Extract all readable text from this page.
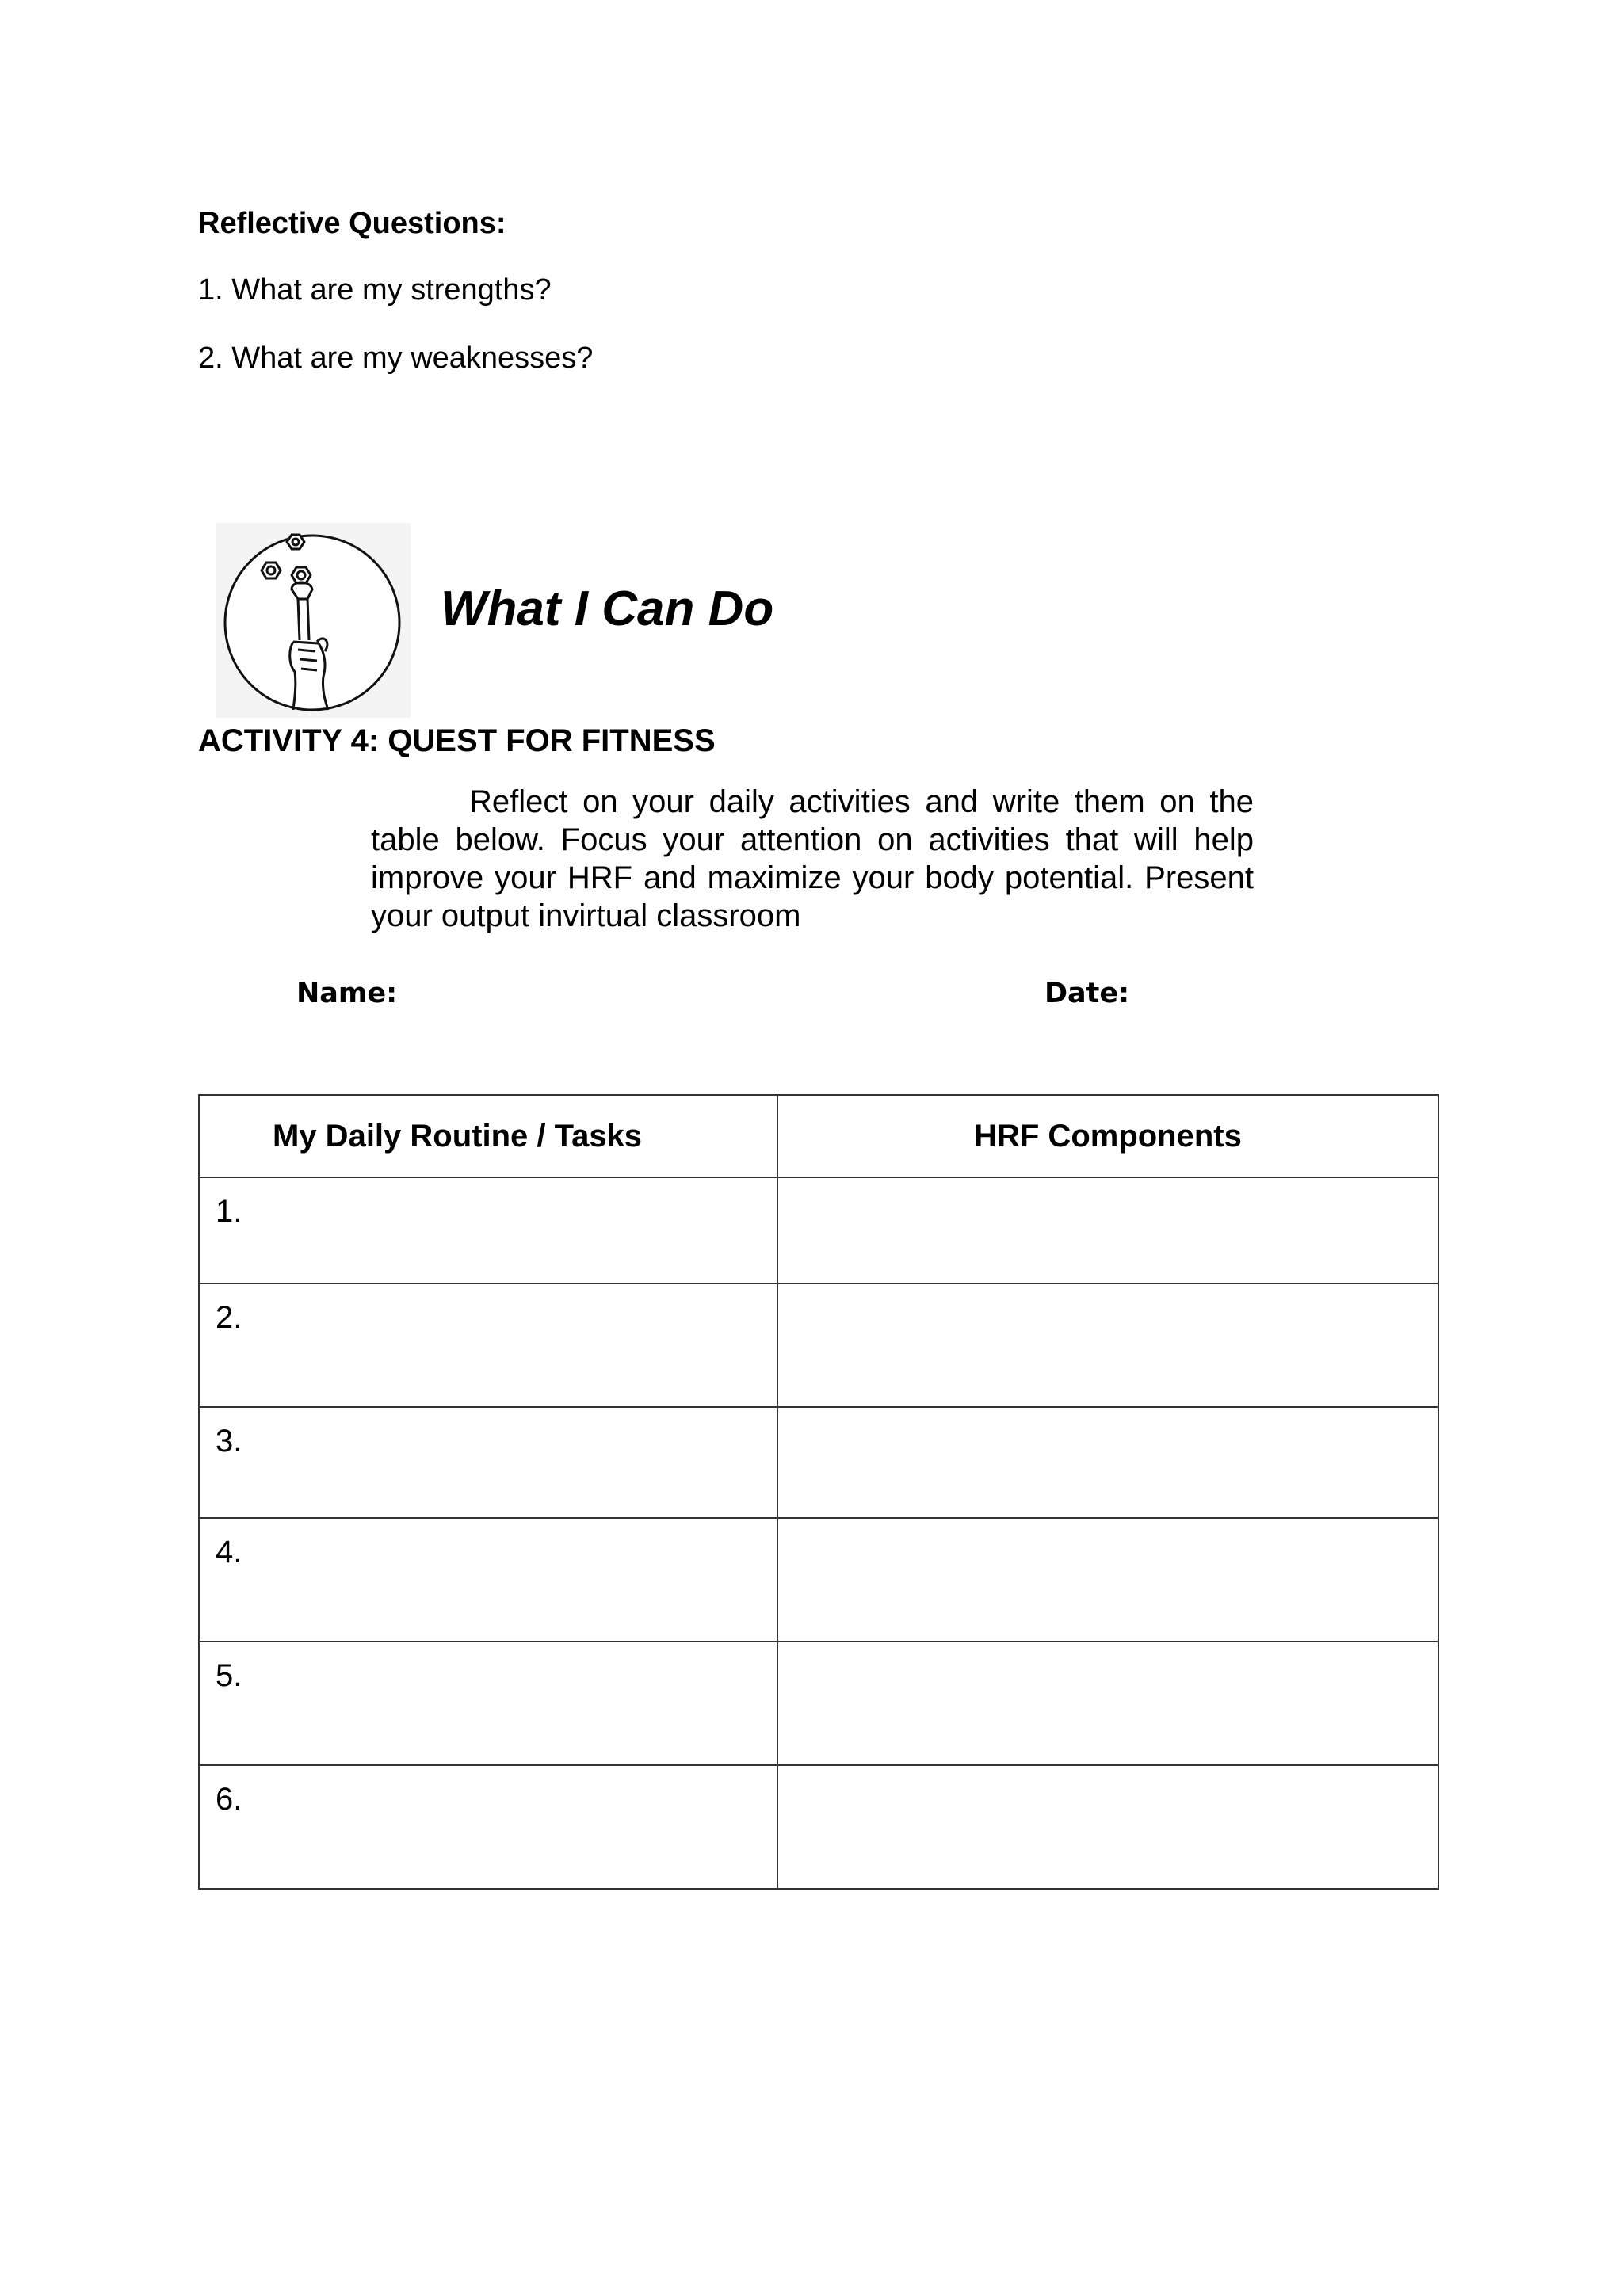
Reflective Questions:
1. What are my strengths?
2. What are my weaknesses?
What I Can Do
ACTIVITY 4: QUEST FOR FITNESS

Reflect on your daily activities and write them on the table below. Focus your attention on activities that will help improve your HRF and maximize your body potential. Present your output invirtual classroom

Name:	Date:
My Daily Routine / Tasks	HRF Components
1.	
2.	
3.	
4.	
5.	
6.	
